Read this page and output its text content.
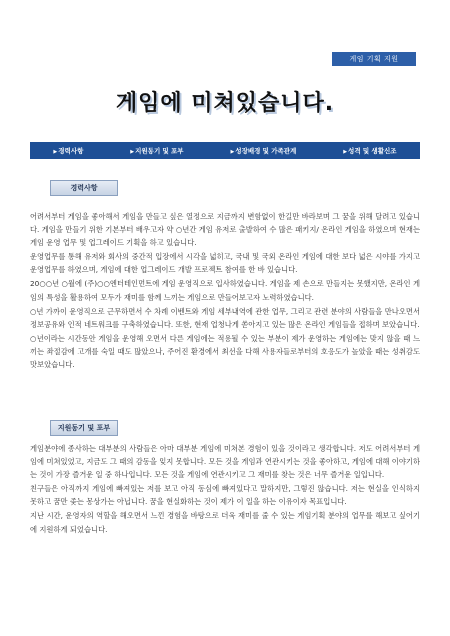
게임 기획 지원
게임에 미쳐있습니다.
▶경력사항	▶지원동기 및 포부	▶성장배경 및 가족관계	▶성격 및 생활신조
경력사항

어려서부터 게임을 좋아해서 게임을 만들고 싶은 열정으로 지금까지 변함없이 한길만 바라보며 그 꿈을 위해 달려고 있습니다. 게임을 만들기 위한 기본부터 배우고자 약 ○년간 게임 유저로 출발하여 수 많은 패키지/ 온라인 게임을 하였으며 현재는 게임 운영 업무 및 업그레이드 기획을 하고 있습니다.

운영업무를 통해 유저와 회사의 중간적 입장에서 시각을 넓히고, 국내 및 국외 온라인 게임에 대한 보다 넓은 시야를 가지고 운영업무를 하였으며, 게임에 대한 업그레이드 개발 프로젝트 참여를 한 바 있습니다.

20○○년 ○월에 (주)○○엔터테인먼트에 게임 운영직으로 입사하였습니다. 게임을 제 손으로 만들지는 못했지만, 온라인 게임의 특성을 활용하여 모두가 재미를 함께 느끼는 게임으로 만들어보고자 노력하였습니다.

○년 가까이 운영직으로 근무하면서 수 차례 이벤트와 게임 세부내역에 관한 업무, 그리고 관련 분야의 사람들을 만나오면서 정보공유와 인적 네트워크를 구축하였습니다. 또한, 현재 업청나게 쏟아지고 있는 많은 온라인 게임들을 접하며 보았습니다.

○년이라는 시간동안 게임을 운영해 오면서 다른 게임에는 적용될 수 있는 부분이 제가 운영하는 게임에는 맞지 않을 때 느끼는 좌절감에 고개를 숙일 때도 많았으나, 주어진 환경에서 최선을 다해 사용자들로부터의 호응도가 높았을 때는 성취감도 맛보았습니다.

지원동기 및 포부

게임분야에 종사하는 대부분의 사람들은 아마 대부분 게임에 미쳐본 경험이 있을 것이라고 생각합니다. 저도 어려서부터 게임에 미쳐있었고, 지금도 그 때의 감동을 잊지 못합니다. 모든 것을 게임과 연관시키는 것을 좋아하고, 게임에 대해 이야기하는 것이 가장 즐거운 일 중 하나입니다. 모든 것을 게임에 연관시키고 그 재미를 찾는 것은 너무 즐거운 일입니다.

친구들은 아직까지 게임에 빠져있는 저를 보고 아직 동심에 빠져있다고 말하지만, 그렇진 않습니다. 저는 현실을 인식하지 못하고 꿈만 좇는 몽상가는 아닙니다. 꿈을 현실화하는 것이 제가 이 일을 하는 이유이자 목표입니다.

지난 시간, 운영자의 역할을 해오면서 느낀 경험을 바탕으로 더욱 재미를 줄 수 있는 게임기획 분야의 업무를 해보고 싶어기에 지원하게 되었습니다.
